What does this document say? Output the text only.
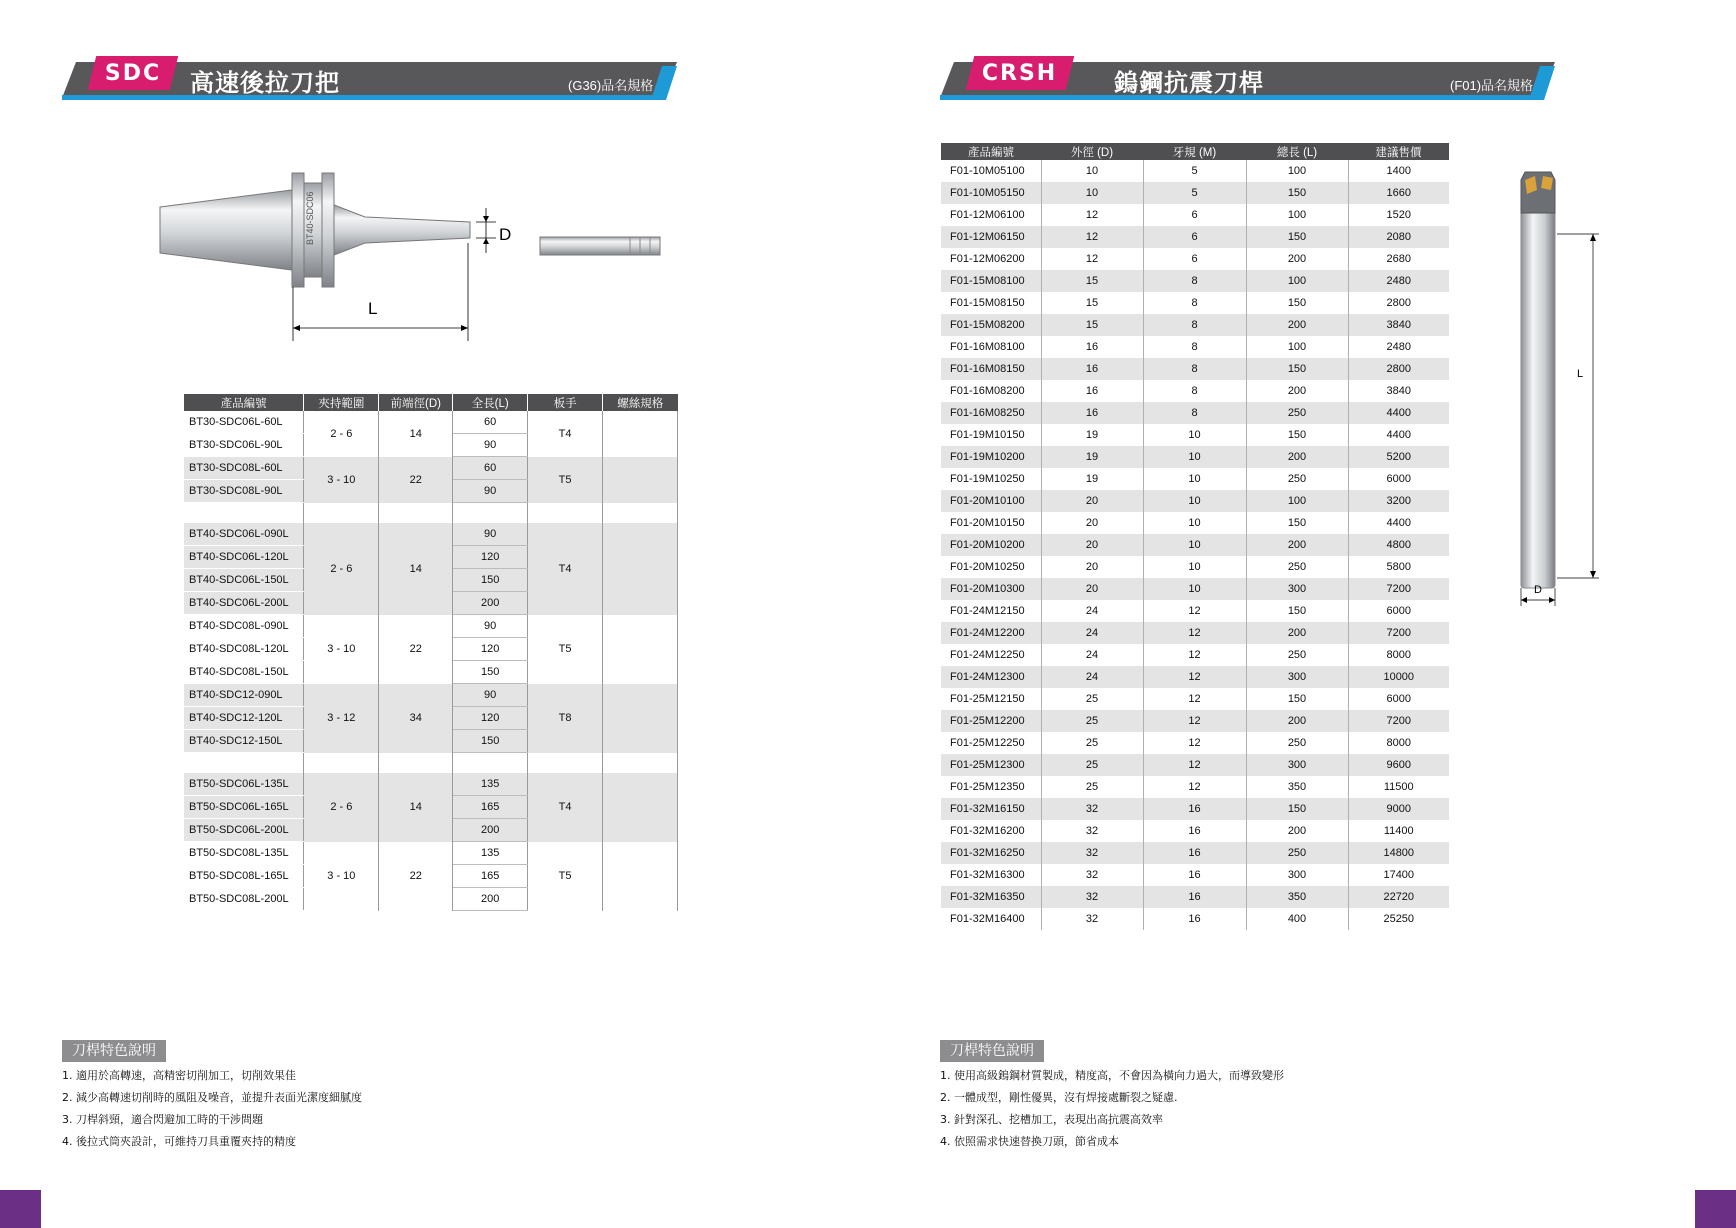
SDC 高速後拉刀把	(G36)品名規格
BT40-SDC06	D
L
產品編號	夾持範圍	前端徑(D)	全長(L)	板手	螺絲規格
BT30-SDC06L-60L	2 - 6	14	60	T4	
BT30-SDC06L-90L			90		
BT30-SDC08L-60L	3 - 10	22	60	T5	
BT30-SDC08L-90L			90		

BT40-SDC06L-090L	2 - 6	14	90	T4	
BT40-SDC06L-120L			120		
BT40-SDC06L-150L			150		
BT40-SDC06L-200L			200		
BT40-SDC08L-090L	3 - 10	22	90	T5	
BT40-SDC08L-120L			120		
BT40-SDC08L-150L			150		
BT40-SDC12-090L	3 - 12	34	90	T8	
BT40-SDC12-120L			120		
BT40-SDC12-150L			150		

BT50-SDC06L-135L	2 - 6	14	135	T4	
BT50-SDC06L-165L			165		
BT50-SDC06L-200L			200		
BT50-SDC08L-135L	3 - 10	22	135	T5	
BT50-SDC08L-165L			165		
BT50-SDC08L-200L			200		
刀桿特色說明
1. 適用於高轉速，高精密切削加工，切削效果佳
2. 減少高轉速切削時的風阻及噪音，並提升表面光潔度細膩度
3. 刀桿斜頸，適合閃避加工時的干涉問題
4. 後拉式筒夾設計，可維持刀具重覆夾持的精度
CRSH 鎢鋼抗震刀桿	(F01)品名規格
產品編號	外徑 (D)	牙規 (M)	總長 (L)	建議售價
F01-10M05100	10	5	100	1400
F01-10M05150	10	5	150	1660
F01-12M06100	12	6	100	1520
F01-12M06150	12	6	150	2080
F01-12M06200	12	6	200	2680
F01-15M08100	15	8	100	2480
F01-15M08150	15	8	150	2800
F01-15M08200	15	8	200	3840
F01-16M08100	16	8	100	2480
F01-16M08150	16	8	150	2800
F01-16M08200	16	8	200	3840
F01-16M08250	16	8	250	4400
F01-19M10150	19	10	150	4400
F01-19M10200	19	10	200	5200
F01-19M10250	19	10	250	6000
F01-20M10100	20	10	100	3200
F01-20M10150	20	10	150	4400
F01-20M10200	20	10	200	4800
F01-20M10250	20	10	250	5800
F01-20M10300	20	10	300	7200
F01-24M12150	24	12	150	6000
F01-24M12200	24	12	200	7200
F01-24M12250	24	12	250	8000
F01-24M12300	24	12	300	10000
F01-25M12150	25	12	150	6000
F01-25M12200	25	12	200	7200
F01-25M12250	25	12	250	8000
F01-25M12300	25	12	300	9600
F01-25M12350	25	12	350	11500
F01-32M16150	32	16	150	9000
F01-32M16200	32	16	200	11400
F01-32M16250	32	16	250	14800
F01-32M16300	32	16	300	17400
F01-32M16350	32	16	350	22720
F01-32M16400	32	16	400	25250
L
D
刀桿特色說明
1. 使用高級鎢鋼材質製成，精度高，不會因為橫向力過大，而導致變形
2. 一體成型，剛性優異，沒有焊接處斷裂之疑慮.
3. 針對深孔、挖槽加工，表現出高抗震高效率
4. 依照需求快速替換刀頭，節省成本
